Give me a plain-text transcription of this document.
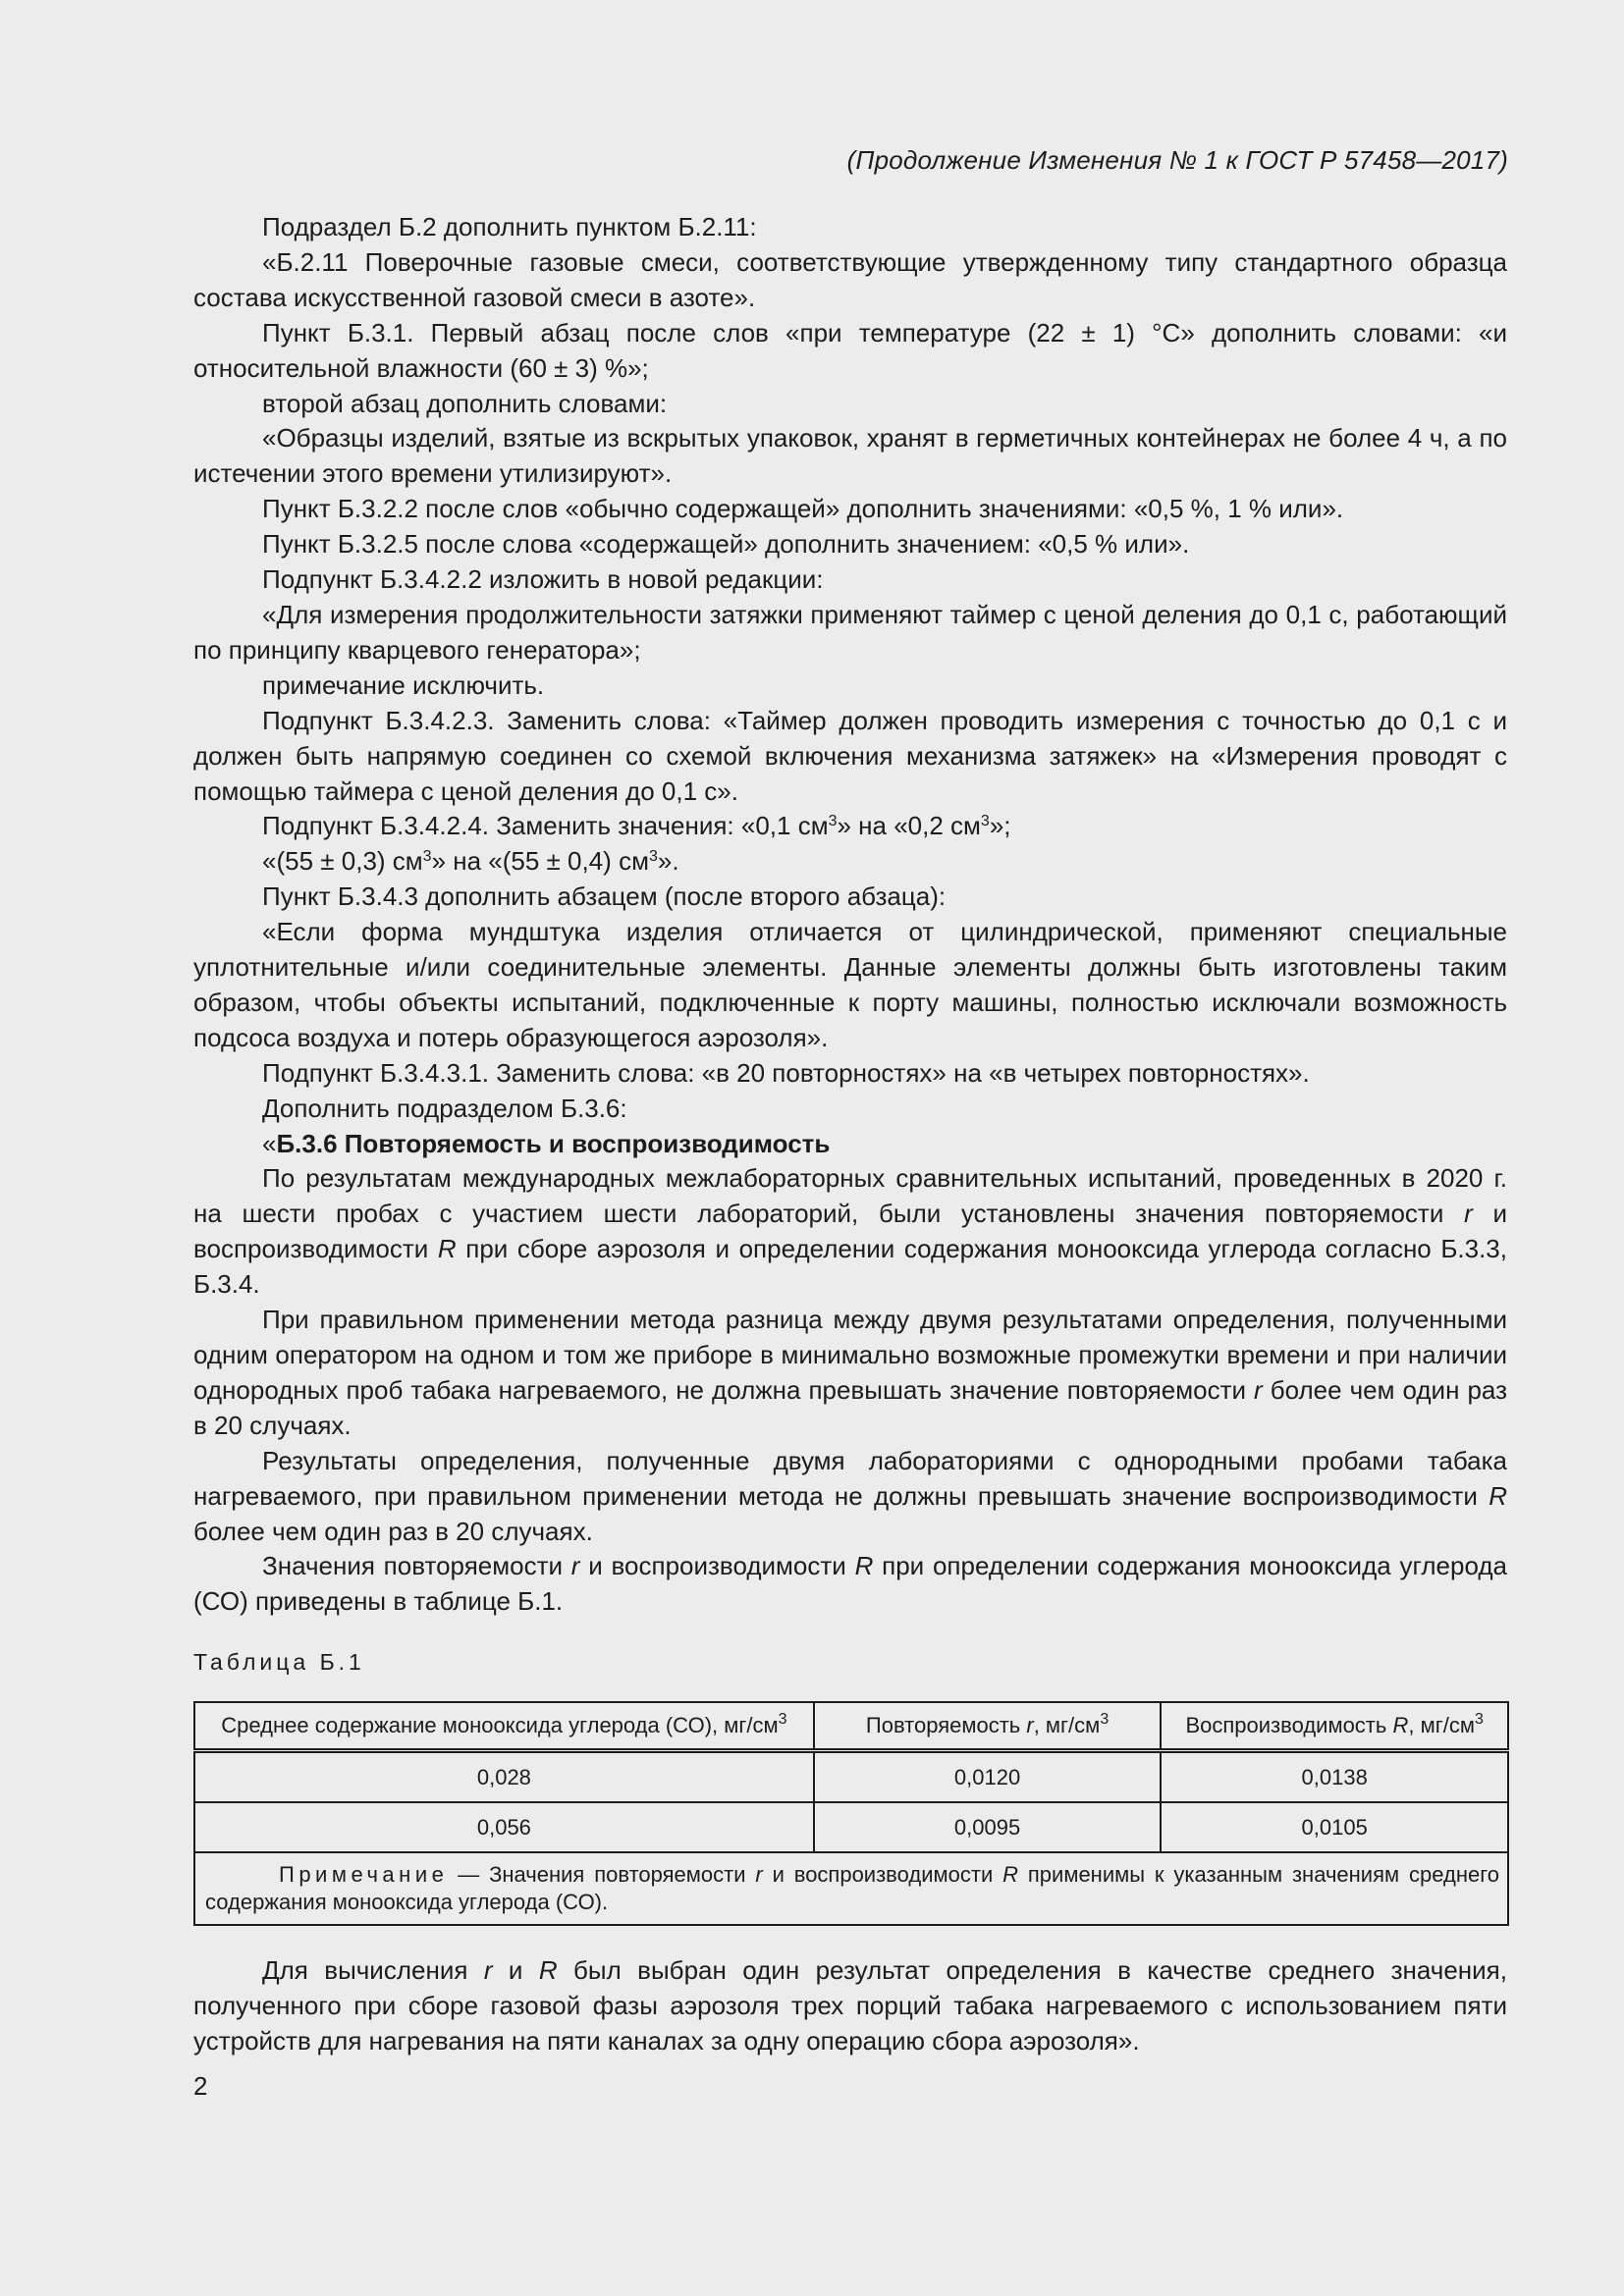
(Продолжение Изменения № 1 к ГОСТ Р 57458—2017)

Подраздел Б.2 дополнить пунктом Б.2.11:

«Б.2.11 Поверочные газовые смеси, соответствующие утвержденному типу стандартного образца состава искусственной газовой смеси в азоте».

Пункт Б.3.1. Первый абзац после слов «при температуре (22 ± 1) °С» дополнить словами: «и относительной влажности (60 ± 3) %»;

второй абзац дополнить словами:

«Образцы изделий, взятые из вскрытых упаковок, хранят в герметичных контейнерах не более 4 ч, а по истечении этого времени утилизируют».

Пункт Б.3.2.2 после слов «обычно содержащей» дополнить значениями: «0,5 %, 1 % или».

Пункт Б.3.2.5 после слова «содержащей» дополнить значением: «0,5 % или».

Подпункт Б.3.4.2.2 изложить в новой редакции:

«Для измерения продолжительности затяжки применяют таймер с ценой деления до 0,1 с, работающий по принципу кварцевого генератора»;

примечание исключить.

Подпункт Б.3.4.2.3. Заменить слова: «Таймер должен проводить измерения с точностью до 0,1 с и должен быть напрямую соединен со схемой включения механизма затяжек» на «Измерения проводят с помощью таймера с ценой деления до 0,1 с».

Подпункт Б.3.4.2.4. Заменить значения: «0,1 $см^3$» на «0,2 $см^3$»;

«(55 ± 0,3) $см^3$» на «(55 ± 0,4) $см^3$».

Пункт Б.3.4.3 дополнить абзацем (после второго абзаца):

«Если форма мундштука изделия отличается от цилиндрической, применяют специальные уплотнительные и/или соединительные элементы. Данные элементы должны быть изготовлены таким образом, чтобы объекты испытаний, подключенные к порту машины, полностью исключали возможность подсоса воздуха и потерь образующегося аэрозоля».

Подпункт Б.3.4.3.1. Заменить слова: «в 20 повторностях» на «в четырех повторностях».

Дополнить подразделом Б.3.6:

«Б.3.6 Повторяемость и воспроизводимость

По результатам международных межлабораторных сравнительных испытаний, проведенных в 2020 г. на шести пробах с участием шести лабораторий, были установлены значения повторяемости r и воспроизводимости R при сборе аэрозоля и определении содержания монооксида углерода согласно Б.3.3, Б.3.4.

При правильном применении метода разница между двумя результатами определения, полученными одним оператором на одном и том же приборе в минимально возможные промежутки времени и при наличии однородных проб табака нагреваемого, не должна превышать значение повторяемости r более чем один раз в 20 случаях.

Результаты определения, полученные двумя лабораториями с однородными пробами табака нагреваемого, при правильном применении метода не должны превышать значение воспроизводимости R более чем один раз в 20 случаях.

Значения повторяемости r и воспроизводимости R при определении содержания монооксида углерода (СО) приведены в таблице Б.1.

Таблица Б.1
Среднее содержание монооксида углерода (СО), $мг/см^3$	Повторяемость r, $мг/см^3$	Воспроизводимость R, $мг/см^3$
0,028	0,0120	0,0138
0,056	0,0095	0,0105
Примечание — Значения повторяемости r и воспроизводимости R применимы к указанным значениям среднего содержания монооксида углерода (СО).		

Для вычисления r и R был выбран один результат определения в качестве среднего значения, полученного при сборе газовой фазы аэрозоля трех порций табака нагреваемого с использованием пяти устройств для нагревания на пяти каналах за одну операцию сбора аэрозоля».

2
